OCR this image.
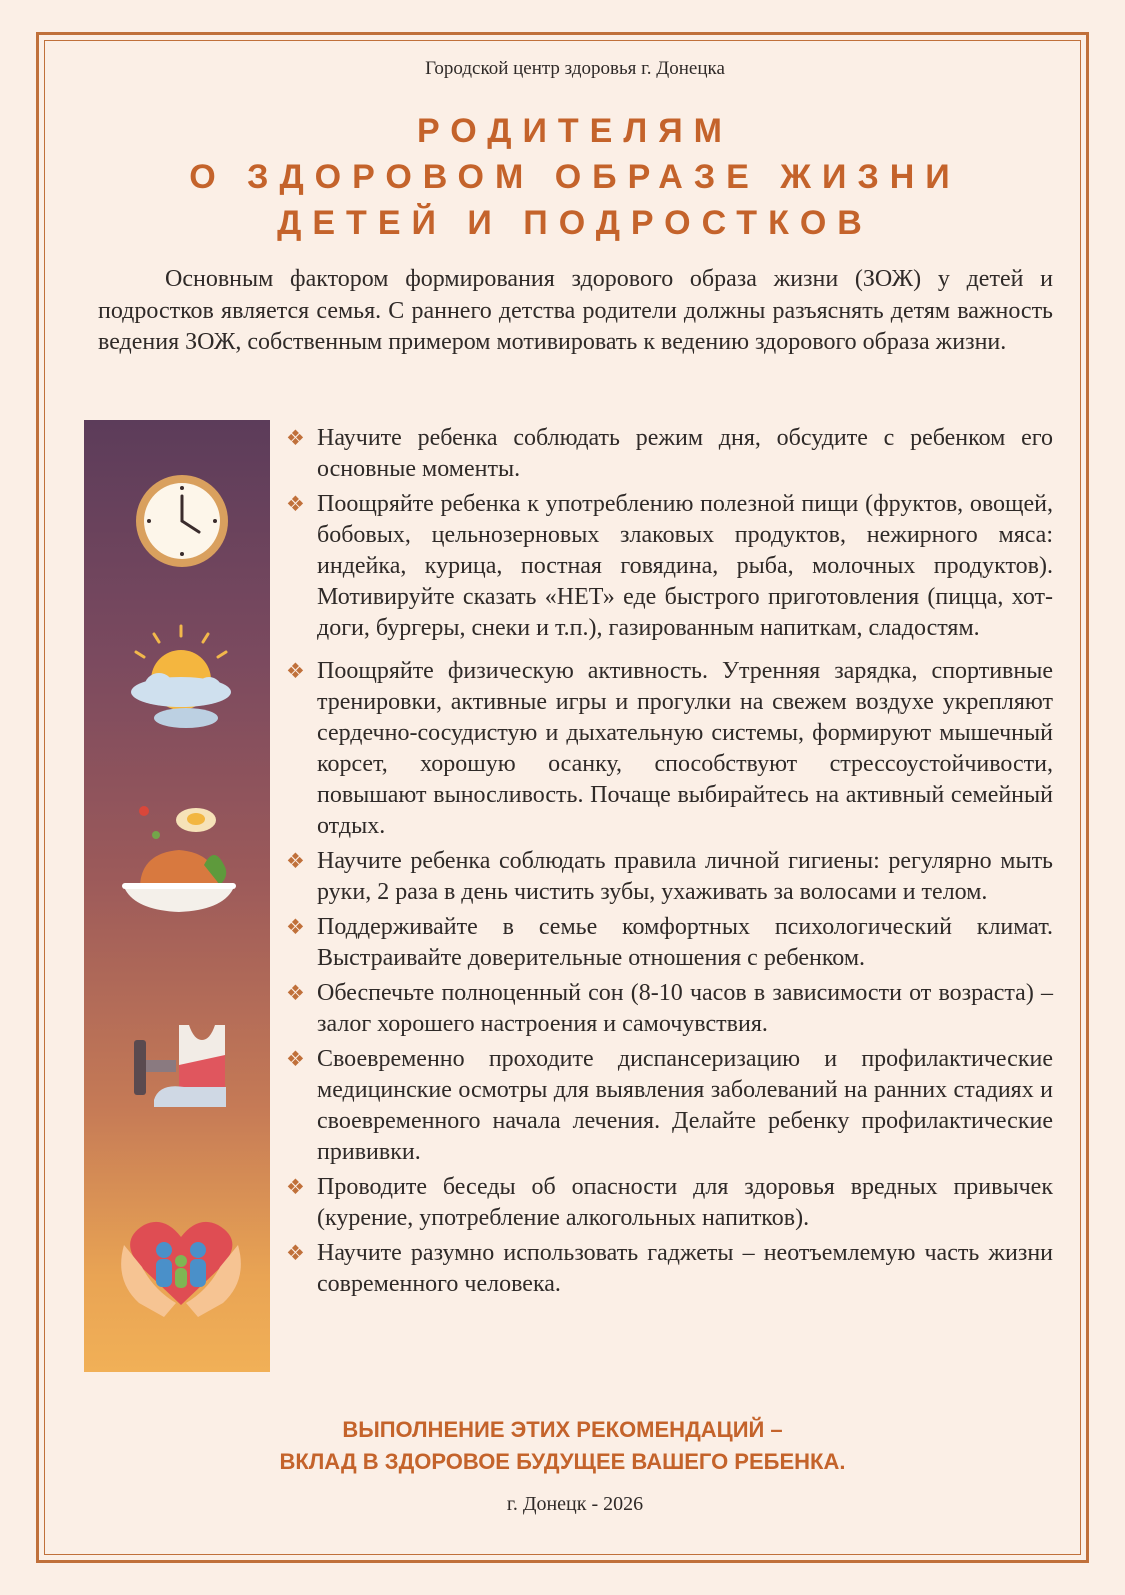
Городской центр здоровья г. Донецка
РОДИТЕЛЯМ
О ЗДОРОВОМ ОБРАЗЕ ЖИЗНИ
ДЕТЕЙ И ПОДРОСТКОВ

Основным фактором формирования здорового образа жизни (ЗОЖ) у детей и подростков является семья. С раннего детства родители должны разъяснять детям важность ведения ЗОЖ, собственным примером мотивировать к ведению здорового образа жизни.

❖ Научите ребенка соблюдать режим дня, обсудите с ребенком его основные моменты.
❖ Поощряйте ребенка к употреблению полезной пищи (фруктов, овощей, бобовых, цельнозерновых злаковых продуктов, нежирного мяса: индейка, курица, постная говядина, рыба, молочных продуктов). Мотивируйте сказать «НЕТ» еде быстрого приготовления (пицца, хот-доги, бургеры, снеки и т.п.), газированным напиткам, сладостям.
❖ Поощряйте физическую активность. Утренняя зарядка, спортивные тренировки, активные игры и прогулки на свежем воздухе укрепляют сердечно-сосудистую и дыхательную системы, формируют мышечный корсет, хорошую осанку, способствуют стрессоустойчивости, повышают выносливость. Почаще выбирайтесь на активный семейный отдых.
❖ Научите ребенка соблюдать правила личной гигиены: регулярно мыть руки, 2 раза в день чистить зубы, ухаживать за волосами и телом.
❖ Поддерживайте в семье комфортных психологический климат. Выстраивайте доверительные отношения с ребенком.
❖ Обеспечьте полноценный сон (8-10 часов в зависимости от возраста) – залог хорошего настроения и самочувствия.
❖ Своевременно проходите диспансеризацию и профилактические медицинские осмотры для выявления заболеваний на ранних стадиях и своевременного начала лечения. Делайте ребенку профилактические прививки.
❖ Проводите беседы об опасности для здоровья вредных привычек (курение, употребление алкогольных напитков).
❖ Научите разумно использовать гаджеты – неотъемлемую часть жизни современного человека.
ВЫПОЛНЕНИЕ ЭТИХ РЕКОМЕНДАЦИЙ –
ВКЛАД В ЗДОРОВОЕ БУДУЩЕЕ ВАШЕГО РЕБЕНКА.
г. Донецк - 2026
